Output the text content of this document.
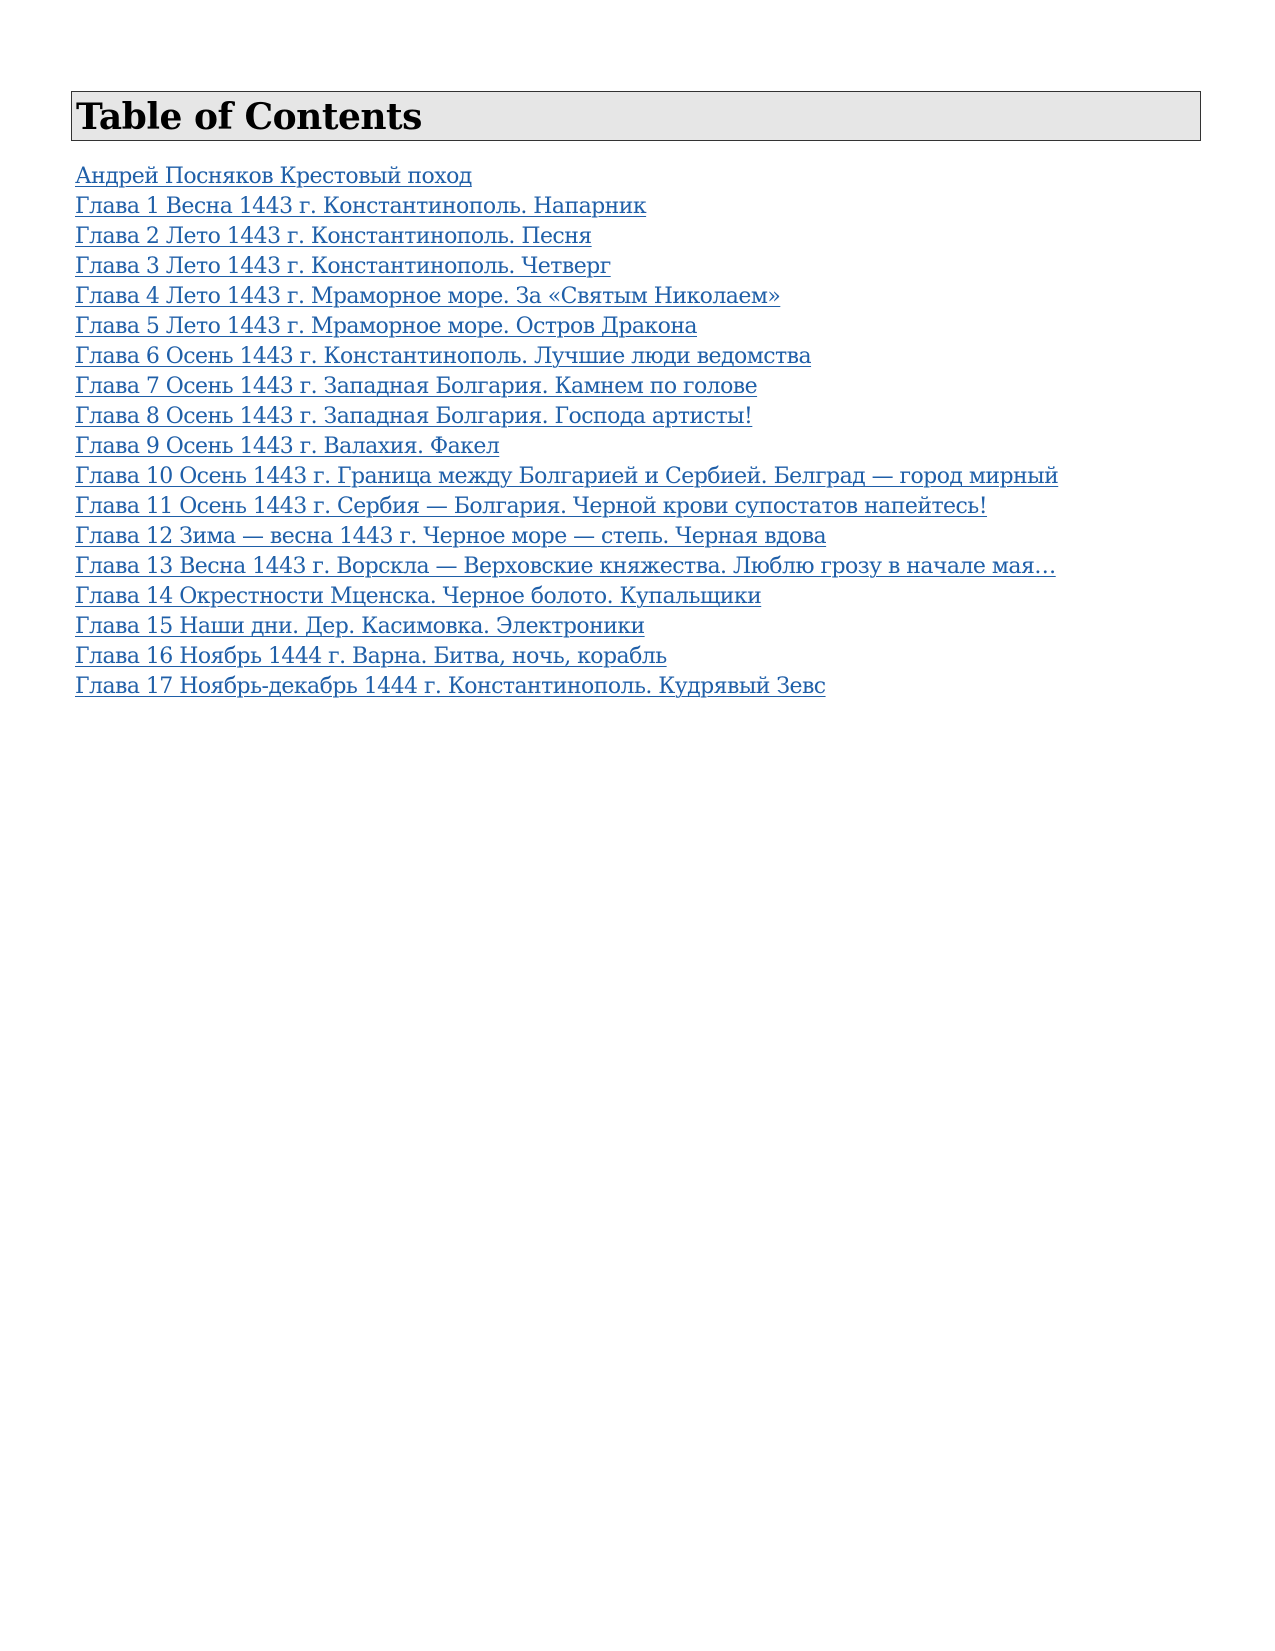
Table of Contents
Андрей Посняков Крестовый поход
Глава 1 Весна 1443 г. Константинополь. Напарник
Глава 2 Лето 1443 г. Константинополь. Песня
Глава 3 Лето 1443 г. Константинополь. Четверг
Глава 4 Лето 1443 г. Мраморное море. За «Святым Николаем»
Глава 5 Лето 1443 г. Мраморное море. Остров Дракона
Глава 6 Осень 1443 г. Константинополь. Лучшие люди ведомства
Глава 7 Осень 1443 г. Западная Болгария. Камнем по голове
Глава 8 Осень 1443 г. Западная Болгария. Господа артисты!
Глава 9 Осень 1443 г. Валахия. Факел
Глава 10 Осень 1443 г. Граница между Болгарией и Сербией. Белград — город мирный
Глава 11 Осень 1443 г. Сербия — Болгария. Черной крови супостатов напейтесь!
Глава 12 Зима — весна 1443 г. Черное море — степь. Черная вдова
Глава 13 Весна 1443 г. Ворскла — Верховские княжества. Люблю грозу в начале мая…
Глава 14 Окрестности Мценска. Черное болото. Купальщики
Глава 15 Наши дни. Дер. Касимовка. Электроники
Глава 16 Ноябрь 1444 г. Варна. Битва, ночь, корабль
Глава 17 Ноябрь-декабрь 1444 г. Константинополь. Кудрявый Зевс
